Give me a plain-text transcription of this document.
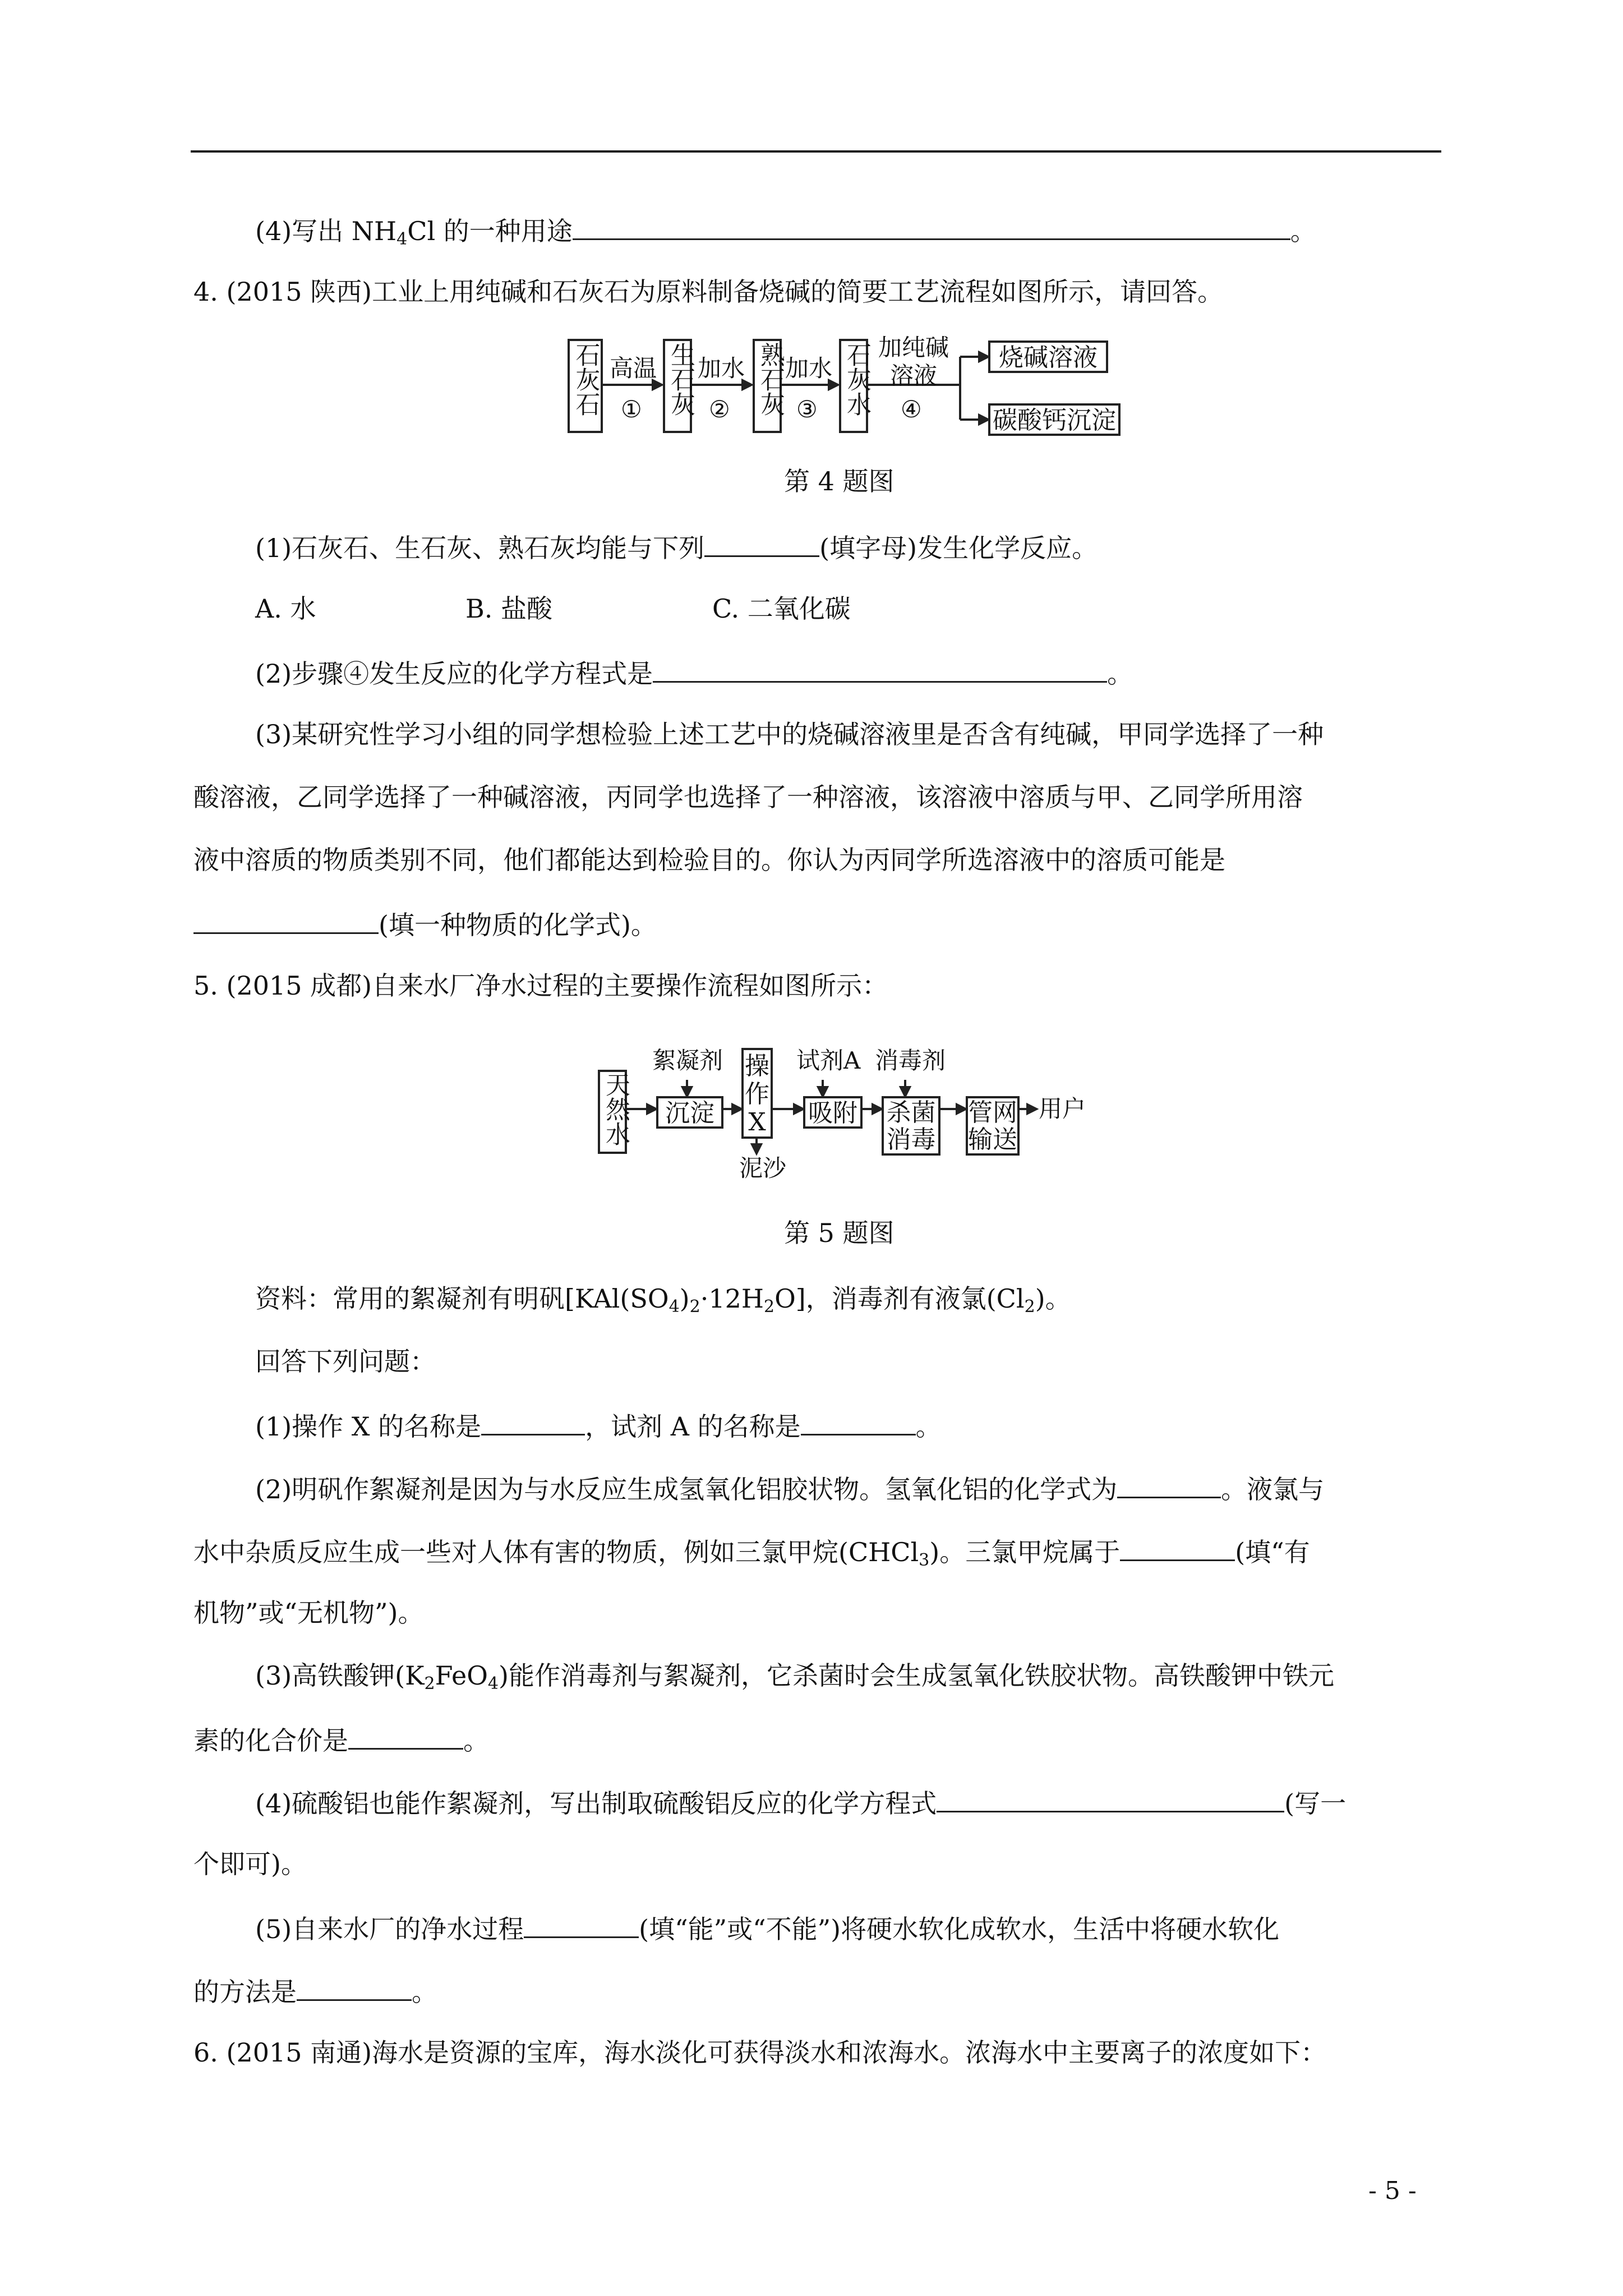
(4)写出 $NH_4Cl$ 的一种用途	。
4. (2015 陕西)工业上用纯碱和石灰石为原料制备烧碱的简要工艺流程如图所示，请回答。
石灰石	生石灰 熟石灰 石灰水
高温
①
加水
②
加水
③
加纯碱溶液
④
烧碱溶液
碳酸钙沉淀
第 4 题图
(1)石灰石、生石灰、熟石灰均能与下列	(填字母)发生化学反应。
A. 水	B. 盐酸	C. 二氧化碳
(2)步骤④发生反应的化学方程式是	。
(3)某研究性学习小组的同学想检验上述工艺中的烧碱溶液里是否含有纯碱，甲同学选择了一种
酸溶液，乙同学选择了一种碱溶液，丙同学也选择了一种溶液，该溶液中溶质与甲、乙同学所用溶
液中溶质的物质类别不同，他们都能达到检验目的。你认为丙同学所选溶液中的溶质可能是
(填一种物质的化学式)。
5. (2015 成都)自来水厂净水过程的主要操作流程如图所示：
天然水
絮凝剂
沉淀
操作X
泥沙
试剂A
吸附
消毒剂
杀菌消毒
管网输送
用户
第 5 题图
资料：常用的絮凝剂有明矾$[KAl(SO_4)_2\cdot 12H_2O]$，消毒剂有液氯$(Cl_2)$。
回答下列问题：
(1)操作 X 的名称是	，试剂 A 的名称是	。
(2)明矾作絮凝剂是因为与水反应生成氢氧化铝胶状物。氢氧化铝的化学式为	。液氯与
水中杂质反应生成一些对人体有害的物质，例如三氯甲烷(CHCl$_3$)。三氯甲烷属于	(填“有
机物”或“无机物”)。
(3)高铁酸钾$(K_2FeO_4)$能作消毒剂与絮凝剂，它杀菌时会生成氢氧化铁胶状物。高铁酸钾中铁元
素的化合价是	。
(4)硫酸铝也能作絮凝剂，写出制取硫酸铝反应的化学方程式	(写一
个即可)。
(5)自来水厂的净水过程	(填“能”或“不能”)将硬水软化成软水，生活中将硬水软化
的方法是	。
6. (2015 南通)海水是资源的宝库，海水淡化可获得淡水和浓海水。浓海水中主要离子的浓度如下：
- 5 -
